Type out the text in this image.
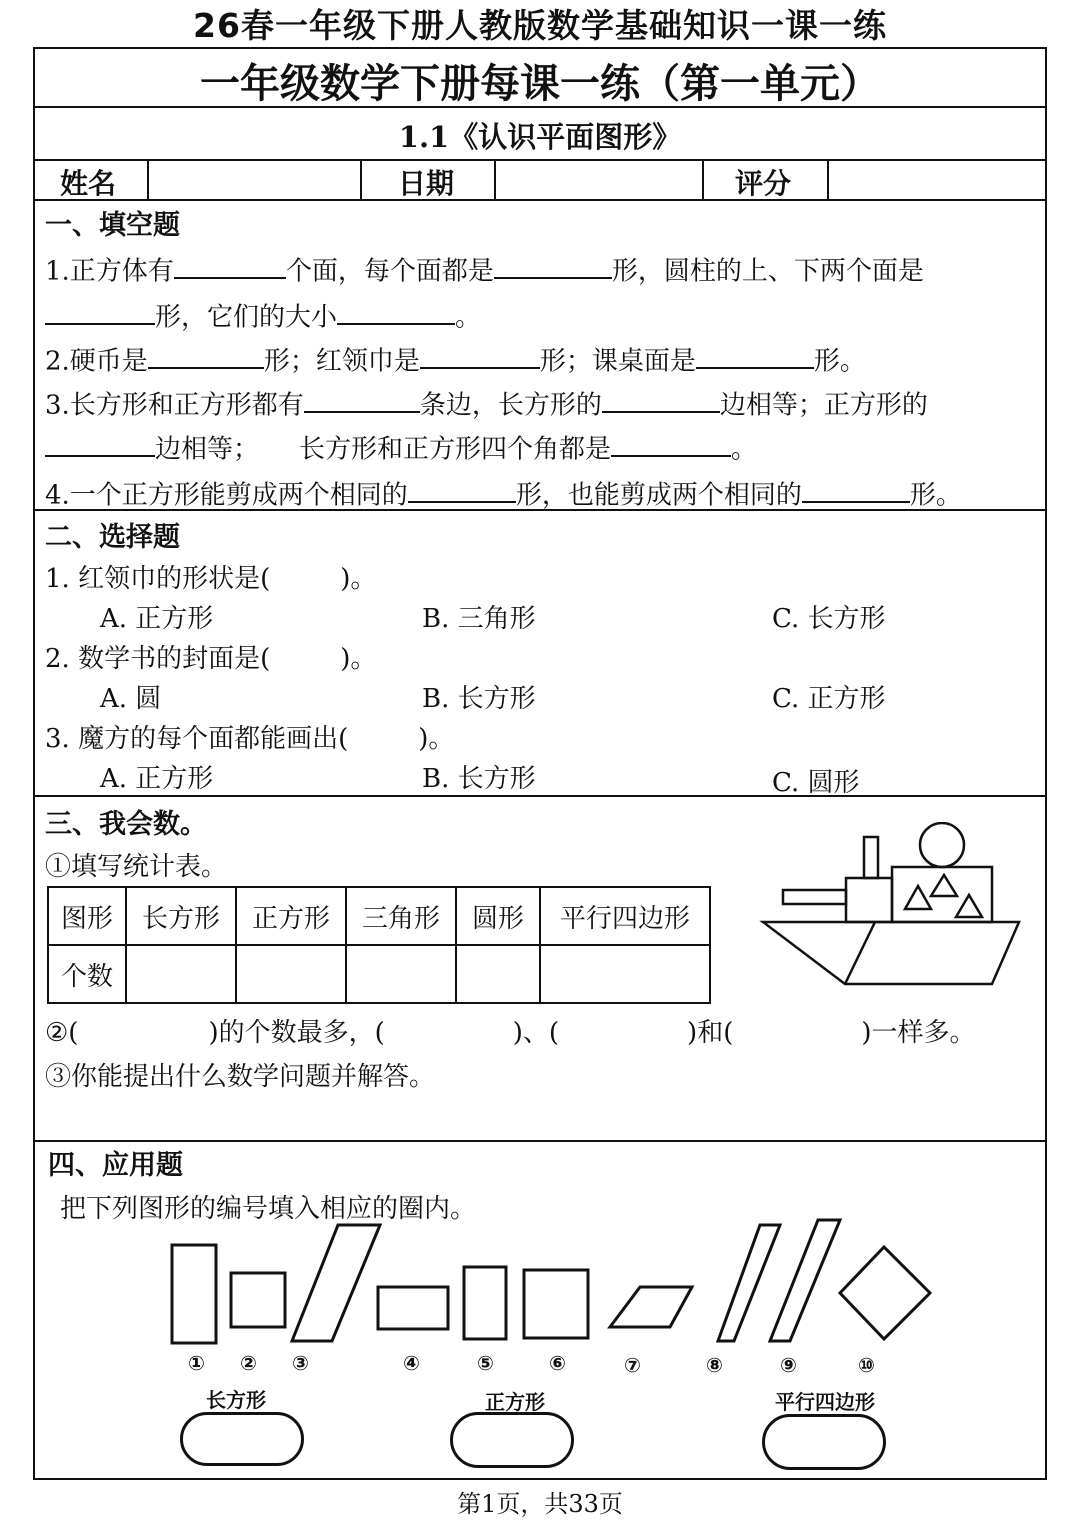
26春一年级下册人教版数学基础知识一课一练
一年级数学下册每课一练（第一单元）
1.1《认识平面图形》
姓名	日期	评分
一、填空题
1.正方体有	个面，每个面都是	形，圆柱的上、下两个面是
形，它们的大小	。
2.硬币是	形；红领巾是	形；课桌面是	形。
3.长方形和正方形都有	条边，长方形的	边相等；正方形的
边相等； 长方形和正方形四个角都是	。
4.一个正方形能剪成两个相同的	形，也能剪成两个相同的	形。
二、选择题
1. 红领巾的形状是(	)。
A. 正方形	B. 三角形	C. 长方形
2. 数学书的封面是(	)。
A. 圆	B. 长方形	C. 正方形
3. 魔方的每个面都能画出(	)。
A. 正方形	B. 长方形	C. 圆形
三、我会数。
①填写统计表。
图形	长方形	正方形	三角形	圆形	平行四边形
个数					
②(	)的个数最多，(	)、(	)和(	)一样多。
③你能提出什么数学问题并解答。
四、应用题
把下列图形的编号填入相应的圈内。
① ② ③	④	⑤	⑥	⑦	⑧	⑨	⑩
长方形	正方形	平行四边形
第1页，共33页
